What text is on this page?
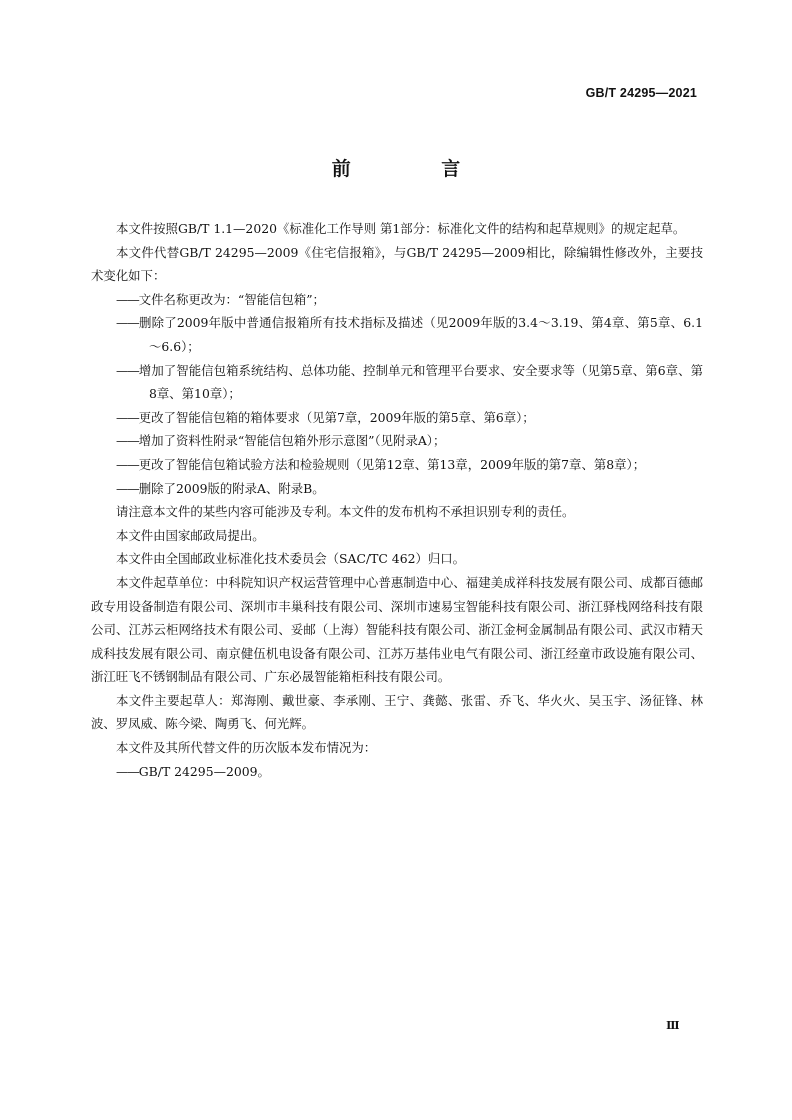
GB/T 24295—2021
前 言

本文件按照GB/T 1.1—2020《标准化工作导则 第1部分：标准化文件的结构和起草规则》的规定起草。

本文件代替GB/T 24295—2009《住宅信报箱》，与GB/T 24295—2009相比，除编辑性修改外，主要技术变化如下：

——文件名称更改为：“智能信包箱”；

——删除了2009年版中普通信报箱所有技术指标及描述（见2009年版的3.4～3.19、第4章、第5章、6.1～6.6）；

——增加了智能信包箱系统结构、总体功能、控制单元和管理平台要求、安全要求等（见第5章、第6章、第8章、第10章）；

——更改了智能信包箱的箱体要求（见第7章，2009年版的第5章、第6章）；

——增加了资料性附录“智能信包箱外形示意图”（见附录A）；

——更改了智能信包箱试验方法和检验规则（见第12章、第13章，2009年版的第7章、第8章）；

——删除了2009版的附录A、附录B。

请注意本文件的某些内容可能涉及专利。本文件的发布机构不承担识别专利的责任。

本文件由国家邮政局提出。

本文件由全国邮政业标准化技术委员会（SAC/TC 462）归口。

本文件起草单位：中科院知识产权运营管理中心普惠制造中心、福建美成祥科技发展有限公司、成都百德邮政专用设备制造有限公司、深圳市丰巢科技有限公司、深圳市速易宝智能科技有限公司、浙江驿栈网络科技有限公司、江苏云柜网络技术有限公司、妥邮（上海）智能科技有限公司、浙江金柯金属制品有限公司、武汉市精天成科技发展有限公司、南京健伍机电设备有限公司、江苏万基伟业电气有限公司、浙江经童市政设施有限公司、浙江旺飞不锈钢制品有限公司、广东必晟智能箱柜科技有限公司。

本文件主要起草人：郑海刚、戴世豪、李承刚、王宁、龚懿、张雷、乔飞、华火火、吴玉宇、汤征锋、林波、罗凤威、陈今梁、陶勇飞、何光辉。

本文件及其所代替文件的历次版本发布情况为：

——GB/T 24295—2009。

Ⅲ
